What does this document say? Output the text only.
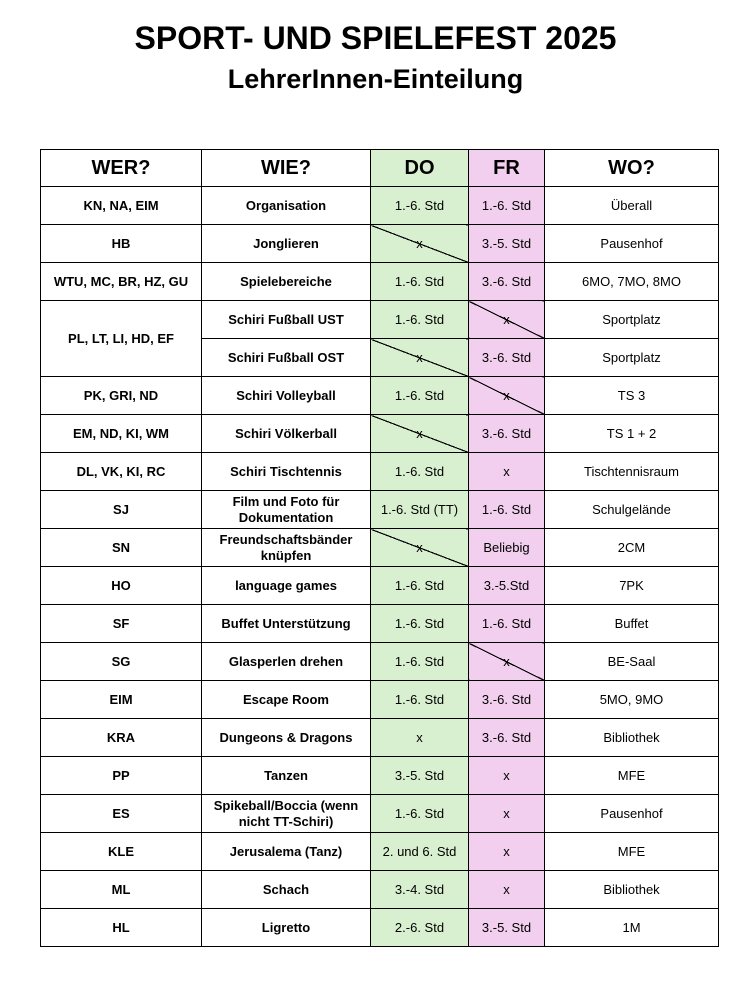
SPORT- UND SPIELEFEST 2025
LehrerInnen-Einteilung
WER?	WIE?	DO	FR	WO?
KN, NA, EIM	Organisation	1.-6. Std	1.-6. Std	Überall
HB	Jonglieren	x	3.-5. Std	Pausenhof
WTU, MC, BR, HZ, GU	Spielebereiche	1.-6. Std	3.-6. Std	6MO, 7MO, 8MO
PL, LT, LI, HD, EF	Schiri Fußball UST	1.-6. Std	x	Sportplatz
	Schiri Fußball OST	x	3.-6. Std	Sportplatz
PK, GRI, ND	Schiri Volleyball	1.-6. Std	x	TS 3
EM, ND, KI, WM	Schiri Völkerball	x	3.-6. Std	TS 1 + 2
DL, VK, KI, RC	Schiri Tischtennis	1.-6. Std	x	Tischtennisraum
SJ	Film und Foto für Dokumentation	1.-6. Std (TT)	1.-6. Std	Schulgelände
SN	Freundschaftsbänder knüpfen	x	Beliebig	2CM
HO	language games	1.-6. Std	3.-5.Std	7PK
SF	Buffet Unterstützung	1.-6. Std	1.-6. Std	Buffet
SG	Glasperlen drehen	1.-6. Std	x	BE-Saal
EIM	Escape Room	1.-6. Std	3.-6. Std	5MO, 9MO
KRA	Dungeons & Dragons	x	3.-6. Std	Bibliothek
PP	Tanzen	3.-5. Std	x	MFE
ES	Spikeball/Boccia (wenn nicht TT-Schiri)	1.-6. Std	x	Pausenhof
KLE	Jerusalema (Tanz)	2. und 6. Std	x	MFE
ML	Schach	3.-4. Std	x	Bibliothek
HL	Ligretto	2.-6. Std	3.-5. Std	1M
